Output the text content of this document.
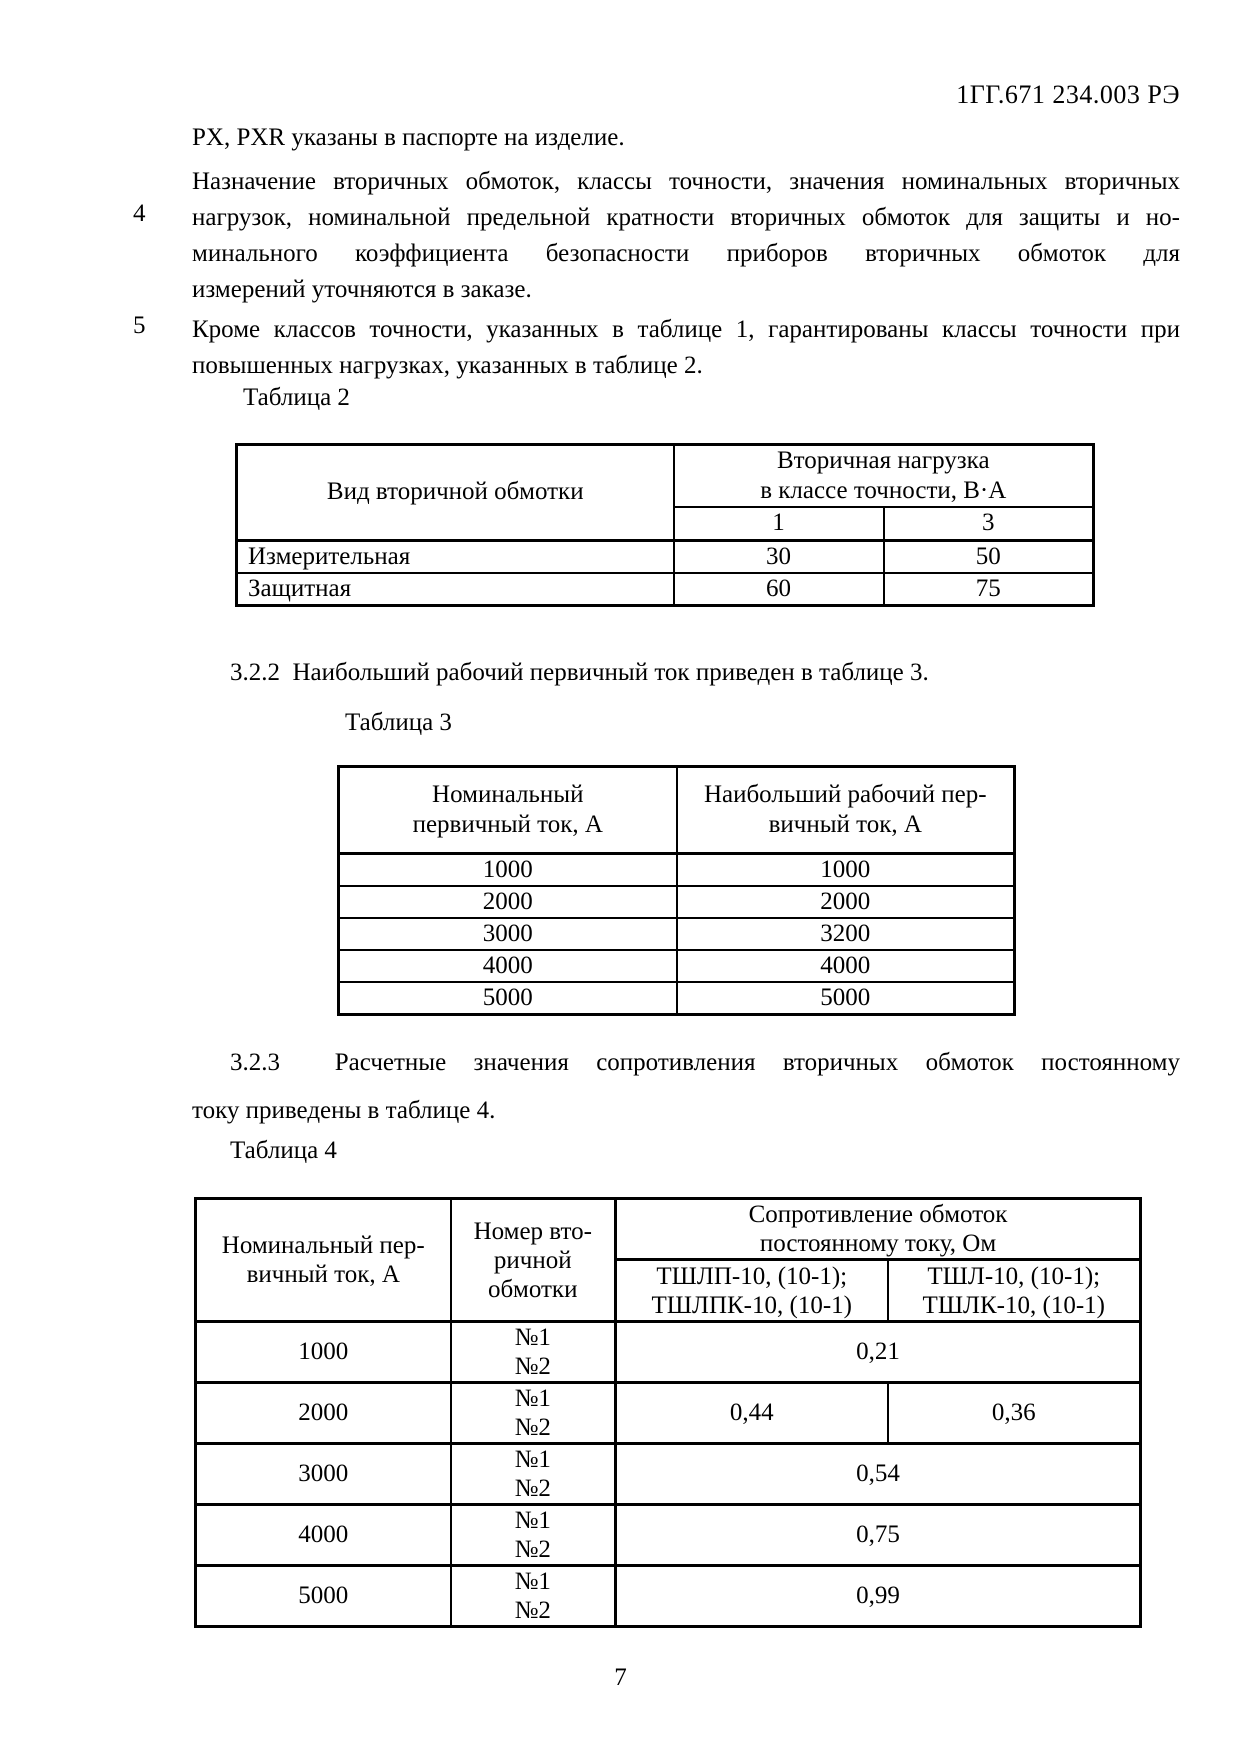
1ГГ.671 234.003 РЭ
PX, PXR указаны в паспорте на изделие.
4
Назначение вторичных обмоток, классы точности, значения номинальных вторичных
нагрузок, номинальной предельной кратности вторичных обмоток для защиты и но-
минального коэффициента безопасности приборов вторичных обмоток для
измерений уточняются в заказе.
5	Кроме классов точности, указанных в таблице 1, гарантированы классы точности при
повышенных нагрузках, указанных в таблице 2.
Таблица 2
Вид вторичной обмотки	Вторичная нагрузка
в классе точности, В·А	

	1	3
Измерительная	30	50
Защитная	60	75
3.2.2  Наибольший рабочий первичный ток приведен в таблице 3.
Таблица 3
Номинальный
первичный ток, А	Наибольший рабочий пер-
вичный ток, А

1000	1000
2000	2000
3000	3200
4000	4000
5000	5000
3.2.3  Расчетные значения сопротивления вторичных обмоток постоянному
току приведены в таблице 4.
Таблица 4
Номинальный пер-
вичный ток, А	Номер вто-
ричной
обмотки	Сопротивление обмоток
постоянному току, Ом	

		ТШЛП-10, (10-1);
ТШЛПК-10, (10-1)	ТШЛ-10, (10-1);
ТШЛК-10, (10-1)

1000	№1
№2	0,21	
2000	№1
№2	0,44	0,36
3000	№1
№2	0,54	
4000	№1
№2	0,75	
5000	№1
№2	0,99	
7
